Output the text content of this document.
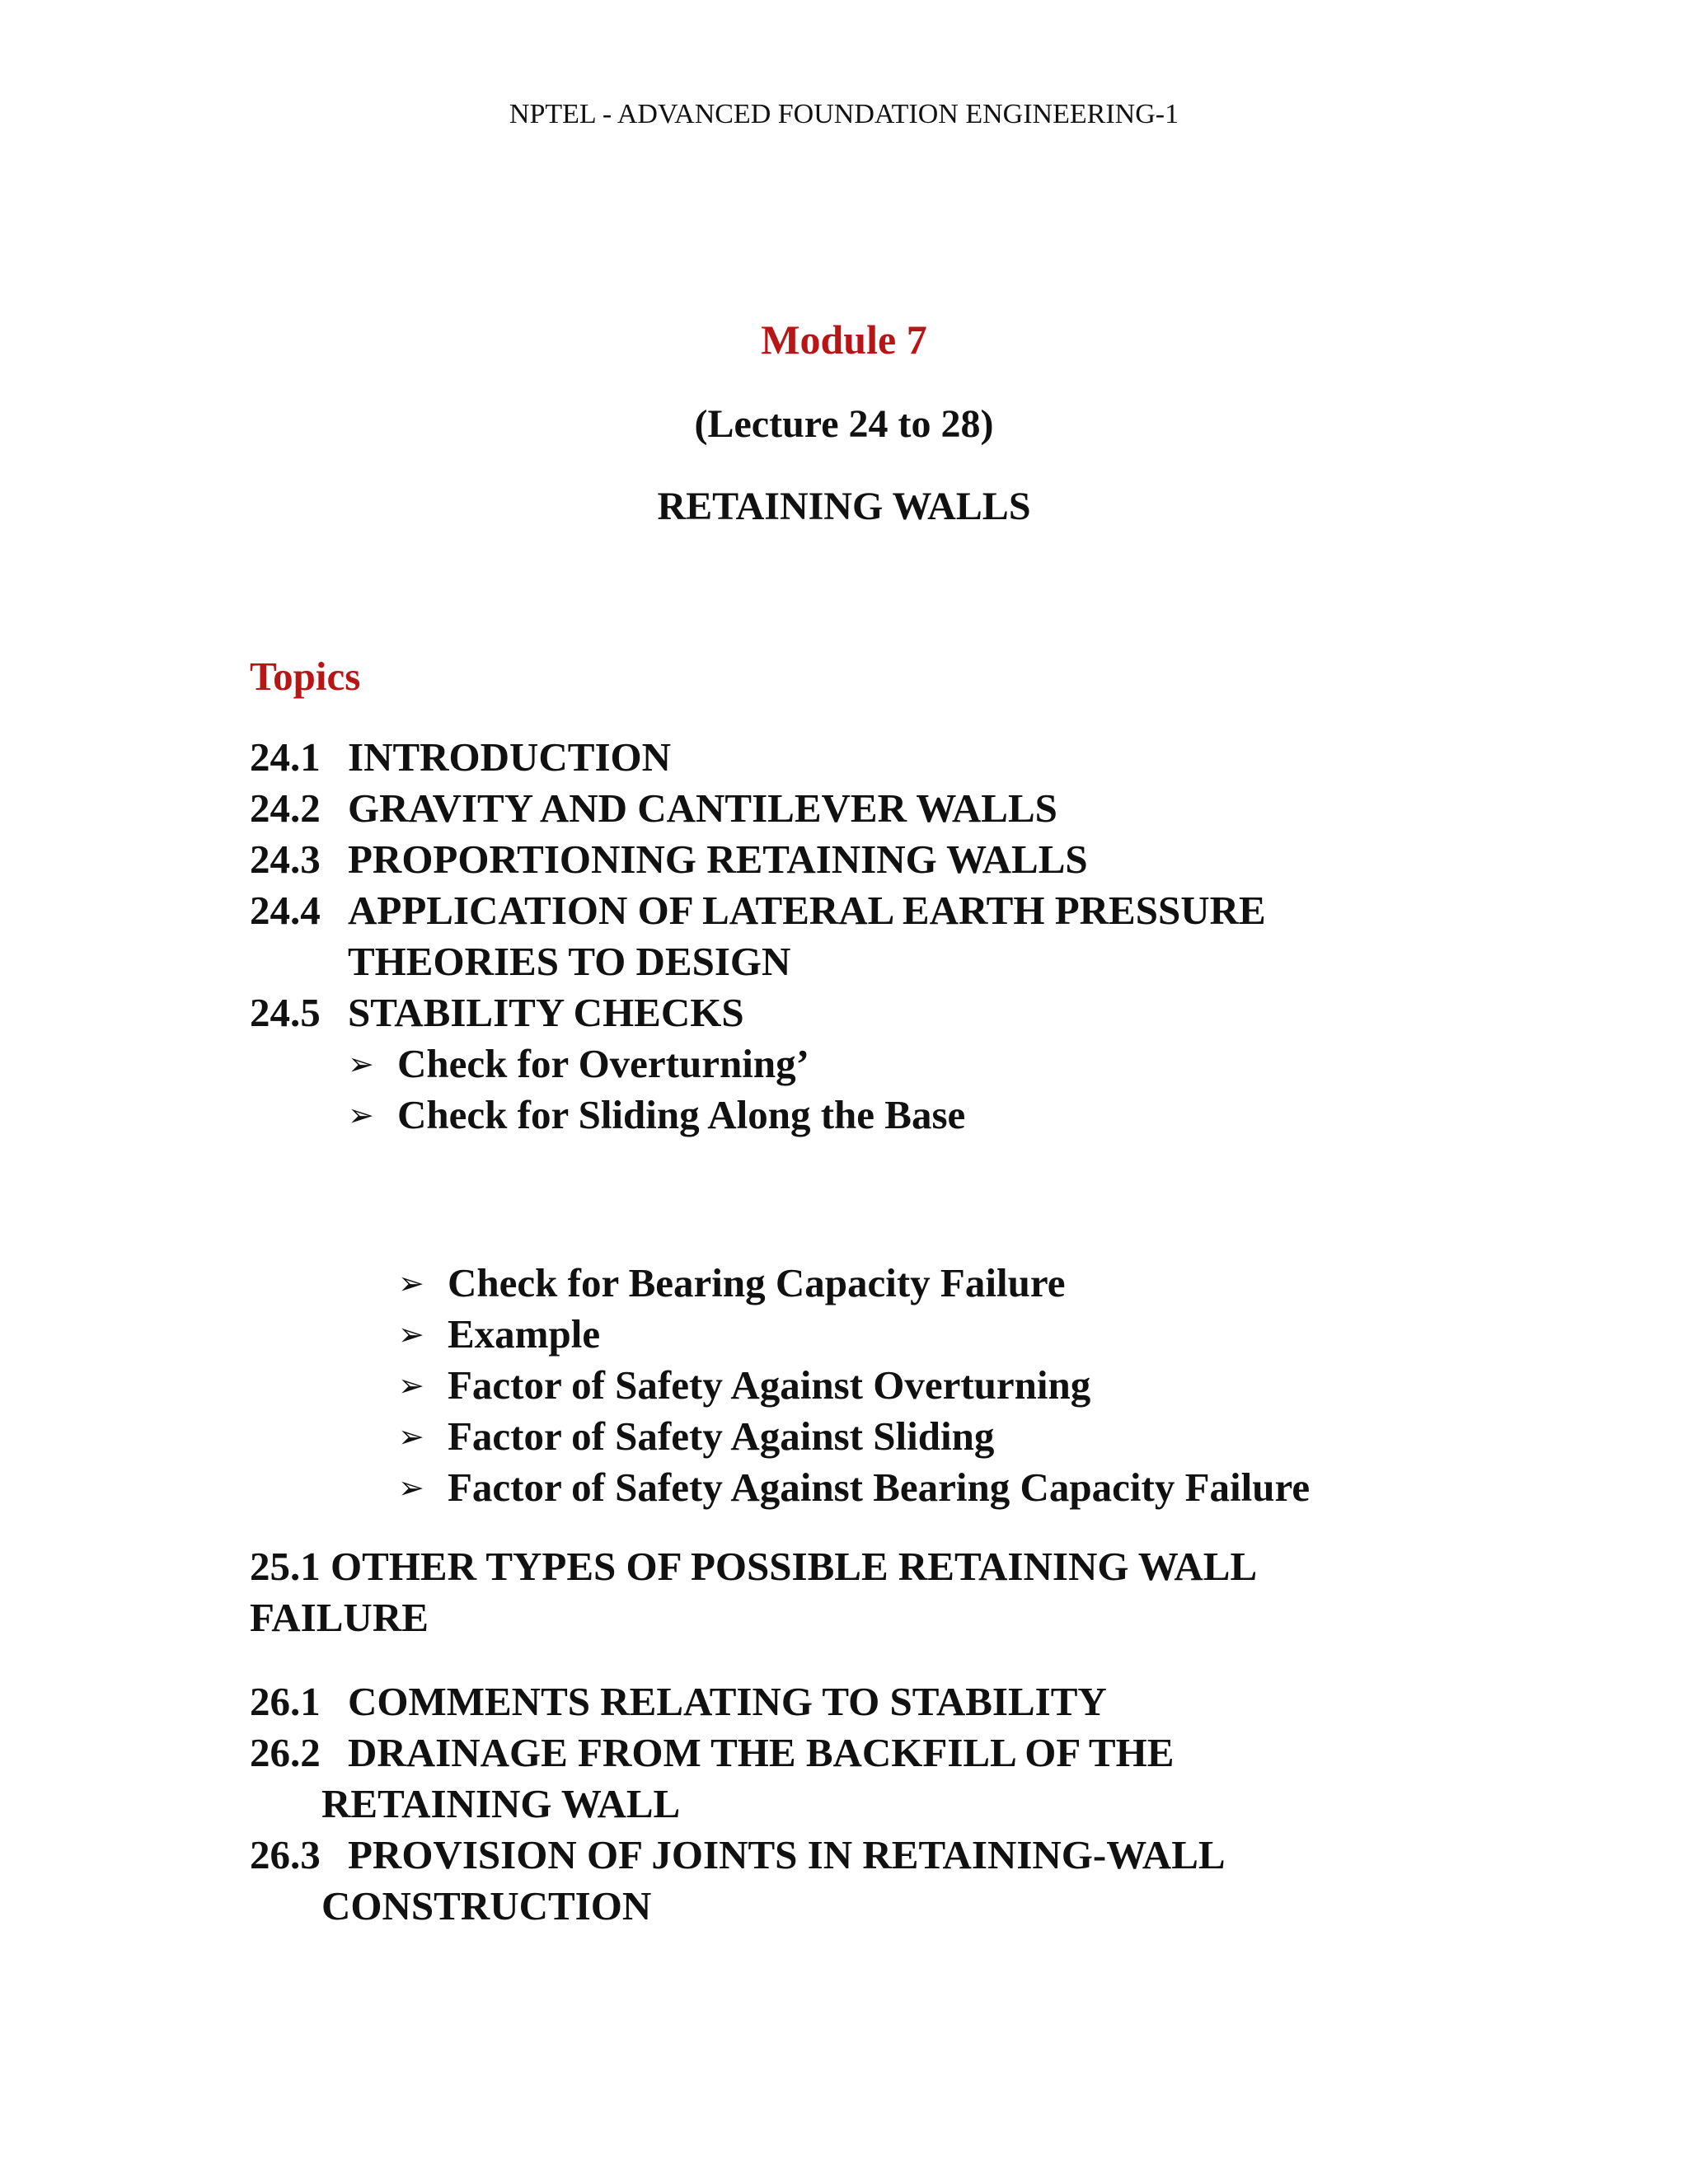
NPTEL - ADVANCED FOUNDATION ENGINEERING-1
Module 7
(Lecture 24 to 28)
RETAINING WALLS
Topics
24.1 INTRODUCTION
24.2 GRAVITY AND CANTILEVER WALLS
24.3 PROPORTIONING RETAINING WALLS
24.4 APPLICATION OF LATERAL EARTH PRESSURE
THEORIES TO DESIGN
24.5 STABILITY CHECKS
➢ Check for Overturning’
➢ Check for Sliding Along the Base
➢ Check for Bearing Capacity Failure
➢ Example
➢ Factor of Safety Against Overturning
➢ Factor of Safety Against Sliding
➢ Factor of Safety Against Bearing Capacity Failure
25.1 OTHER TYPES OF POSSIBLE RETAINING WALL
FAILURE
26.1 COMMENTS RELATING TO STABILITY
26.2 DRAINAGE FROM THE BACKFILL OF THE
RETAINING WALL
26.3 PROVISION OF JOINTS IN RETAINING-WALL
CONSTRUCTION
